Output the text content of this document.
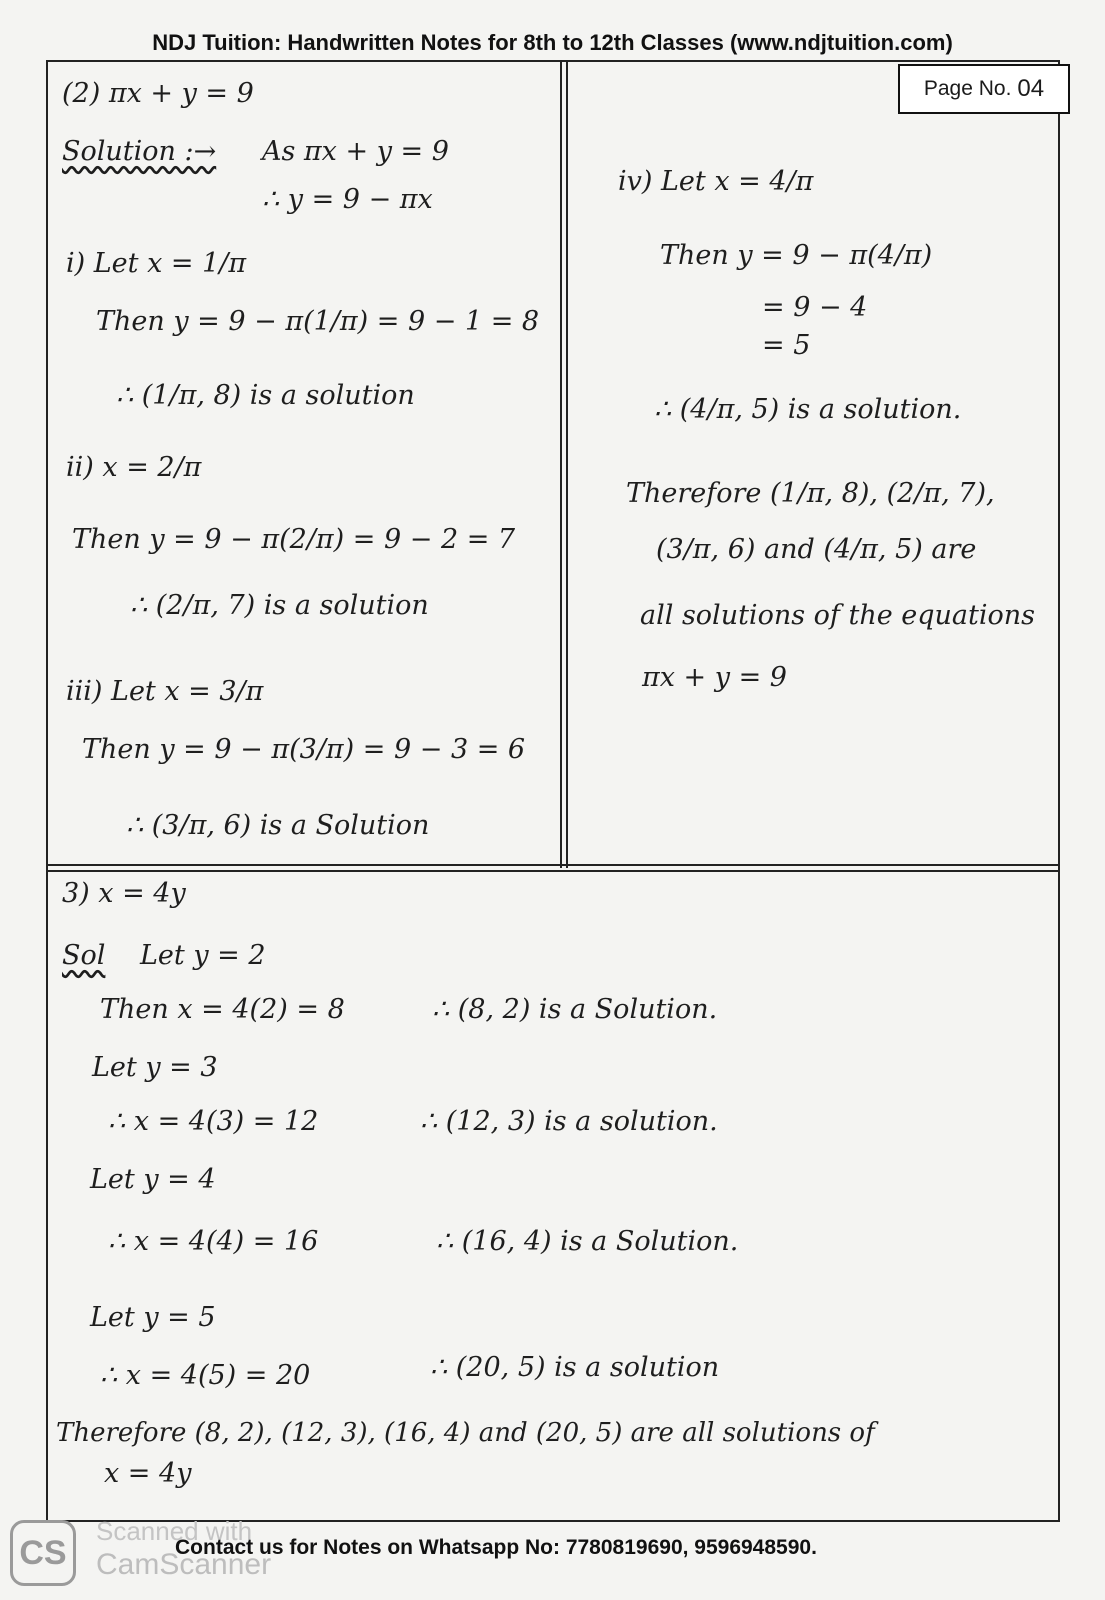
NDJ Tuition: Handwritten Notes for 8th to 12th Classes (www.ndjtuition.com)
Page No. 04
(2) πx + y = 9
Solution :→ As πx + y = 9
∴ y = 9 − πx
i) Let x = 1/π
Then y = 9 − π(1/π) = 9 − 1 = 8
∴ (1/π, 8) is a solution
ii) x = 2/π
Then y = 9 − π(2/π) = 9 − 2 = 7
∴ (2/π, 7) is a solution
iii) Let x = 3/π
Then y = 9 − π(3/π) = 9 − 3 = 6
∴ (3/π, 6) is a Solution
iv) Let x = 4/π
Then y = 9 − π(4/π)
= 9 − 4
= 5
∴ (4/π, 5) is a solution.
Therefore (1/π, 8), (2/π, 7),
(3/π, 6) and (4/π, 5) are
all solutions of the equations
πx + y = 9
3) x = 4y
Sol Let y = 2
Then x = 4(2) = 8	∴ (8, 2) is a Solution.
Let y = 3
∴ x = 4(3) = 12	∴ (12, 3) is a solution.
Let y = 4
∴ x = 4(4) = 16	∴ (16, 4) is a Solution.
Let y = 5
∴ x = 4(5) = 20	∴ (20, 5) is a solution
Therefore (8, 2), (12, 3), (16, 4) and (20, 5) are all solutions of
x = 4y
CS
Scanned with
CamScanner
Contact us for Notes on Whatsapp No: 7780819690, 9596948590.
